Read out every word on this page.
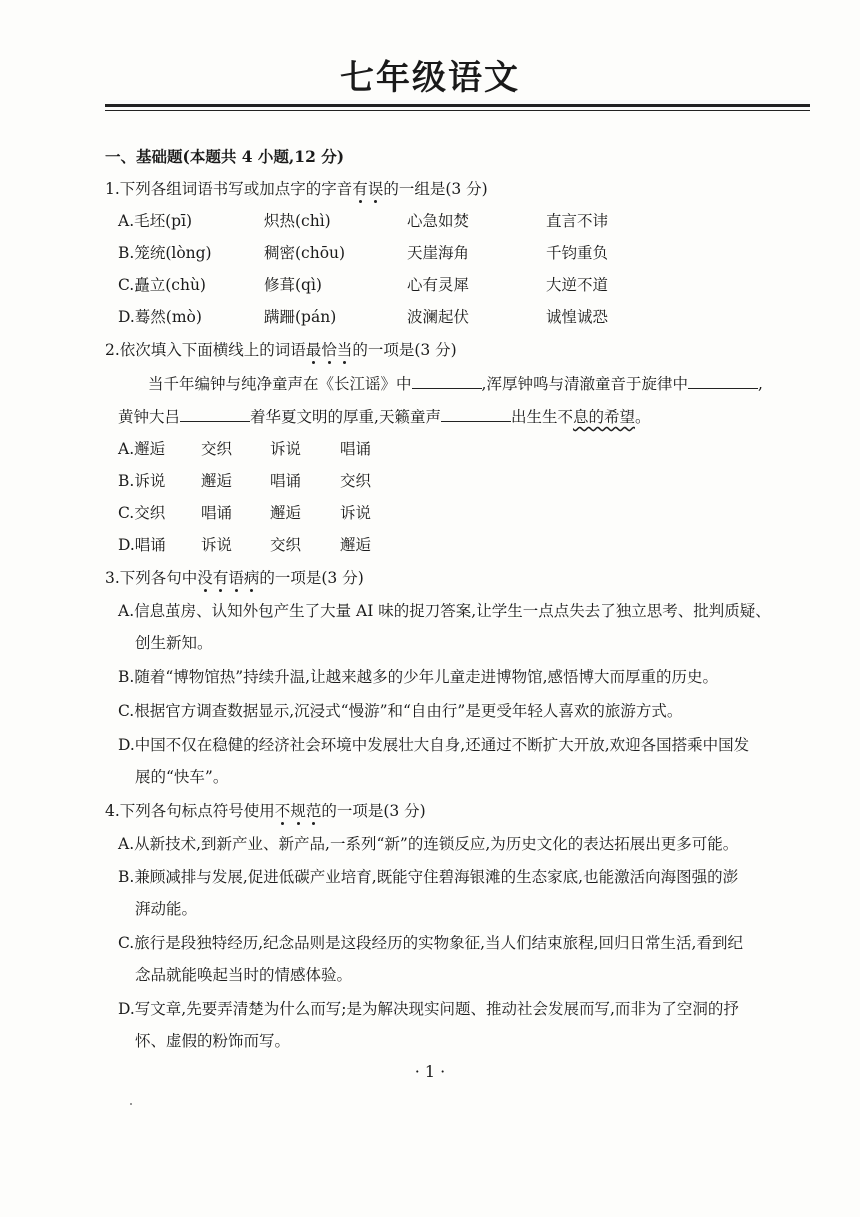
七年级语文
一、基础题(本题共 4 小题,12 分)
1.下列各组词语书写或加点字的字音有误的一组是(3 分)
A.毛坯(pī)	炽热(chì)	心急如焚	直言不讳
B.笼统(lòng)	稠密(chōu)	天崖海角	千钧重负
C.矗立(chù)	修葺(qì)	心有灵犀	大逆不道
D.蓦然(mò)	蹒跚(pán)	波澜起伏	诚惶诚恐
2.依次填入下面横线上的词语最恰当的一项是(3 分)
当千年编钟与纯净童声在《长江谣》中	,浑厚钟鸣与清澈童音于旋律中	,
黄钟大吕	着华夏文明的厚重,天籁童声	出生生不息的希望。
A.邂逅 交织 诉说	唱诵
B.诉说 邂逅 唱诵	交织
C.交织 唱诵 邂逅	诉说
D.唱诵 诉说 交织	邂逅
3.下列各句中没有语病的一项是(3 分)
A.信息茧房、认知外包产生了大量 AI 味的捉刀答案,让学生一点点失去了独立思考、批判质疑、
创生新知。
B.随着“博物馆热”持续升温,让越来越多的少年儿童走进博物馆,感悟博大而厚重的历史。
C.根据官方调查数据显示,沉浸式“慢游”和“自由行”是更受年轻人喜欢的旅游方式。
D.中国不仅在稳健的经济社会环境中发展壮大自身,还通过不断扩大开放,欢迎各国搭乘中国发
展的“快车”。
4.下列各句标点符号使用不规范的一项是(3 分)
A.从新技术,到新产业、新产品,一系列“新”的连锁反应,为历史文化的表达拓展出更多可能。
B.兼顾减排与发展,促进低碳产业培育,既能守住碧海银滩的生态家底,也能激活向海图强的澎
湃动能。
C.旅行是段独特经历,纪念品则是这段经历的实物象征,当人们结束旅程,回归日常生活,看到纪
念品就能唤起当时的情感体验。
D.写文章,先要弄清楚为什么而写;是为解决现实问题、推动社会发展而写,而非为了空洞的抒
怀、虚假的粉饰而写。
· 1 ·
